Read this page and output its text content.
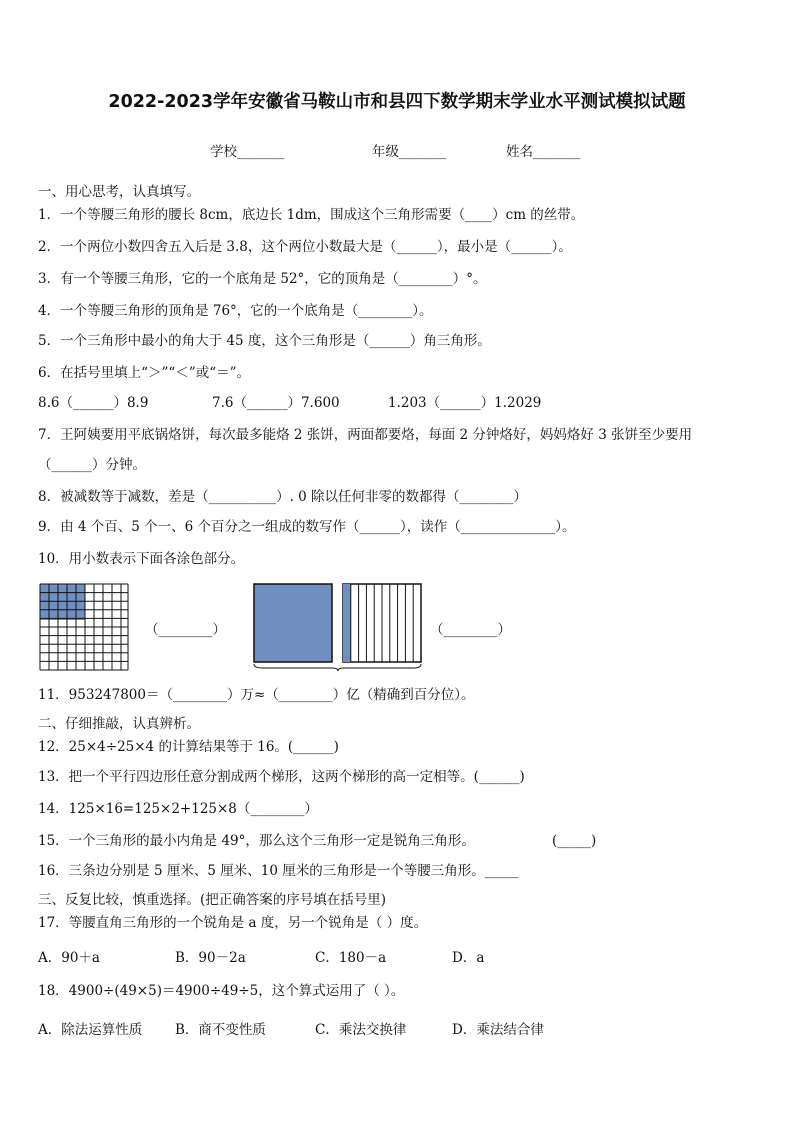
2022-2023学年安徽省马鞍山市和县四下数学期末学业水平测试模拟试题
学校_______	年级_______	姓名_______
一、用心思考，认真填写。
1．一个等腰三角形的腰长 8cm，底边长 1dm，围成这个三角形需要（____）cm 的丝带。
2．一个两位小数四舍五入后是 3.8，这个两位小数最大是（______），最小是（______）。
3．有一个等腰三角形，它的一个底角是 52°，它的顶角是（________）°。
4．一个等腰三角形的顶角是 76°，它的一个底角是（________）。
5．一个三角形中最小的角大于 45 度，这个三角形是（______）角三角形。
6．在括号里填上“＞”“＜”或“＝”。
8.6（______）8.9	7.6（______）7.600	1.203（______）1.2029
7．王阿姨要用平底锅烙饼，每次最多能烙 2 张饼，两面都要烙，每面 2 分钟烙好，妈妈烙好 3 张饼至少要用
（______）分钟。
8．被减数等于减数，差是（__________）. 0 除以任何非零的数都得（________）
9．由 4 个百、5 个一、6 个百分之一组成的数写作（______），读作（______________）。
10．用小数表示下面各涂色部分。
（________）	（________）
11．953247800＝（________）万≈（________）亿（精确到百分位）。
二、仔细推敲，认真辨析。
12．25×4÷25×4 的计算结果等于 16。(______)
13．把一个平行四边形任意分割成两个梯形，这两个梯形的高一定相等。(______)
14．125×16=125×2+125×8（________）
15．一个三角形的最小内角是 49°，那么这个三角形一定是锐角三角形。	(_____)
16．三条边分别是 5 厘米、5 厘米、10 厘米的三角形是一个等腰三角形。_____
三、反复比较，慎重选择。(把正确答案的序号填在括号里)
17．等腰直角三角形的一个锐角是 a 度，另一个锐角是（ ）度。
A．90＋a	B．90－2a	C．180－a	D．a
18．4900÷(49×5)＝4900÷49÷5，这个算式运用了（ ）。
A．除法运算性质 B．商不变性质	C．乘法交换律	D．乘法结合律
